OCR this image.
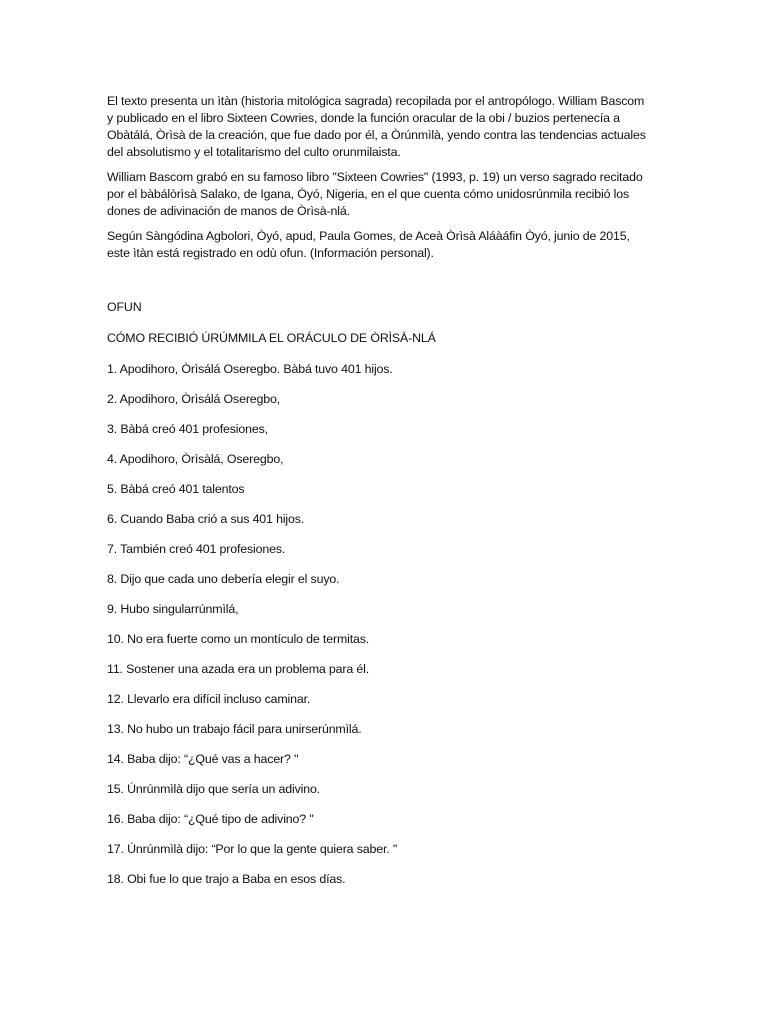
El texto presenta un ìtàn (historia mitológica sagrada) recopilada por el antropólogo. William Bascom y publicado en el libro Sixteen Cowries, donde la función oracular de la obi / buzios pertenecía a Obàtálá, Òrìsà de la creación, que fue dado por él, a Òrúnmìlà, yendo contra las tendencias actuales del absolutismo y el totalitarismo del culto orunmilaista.

William Bascom grabó en su famoso libro "Sixteen Cowries" (1993, p. 19) un verso sagrado recitado por el bàbálòrìsà Salako, de Igana, Òyó, Nigeria, en el que cuenta cómo unidosrúnmila recibió los dones de adivinación de manos de Òrìsà-nlá.

Según Sàngódina Agbolori, Òyó, apud, Paula Gomes, de Aceà Òrìsà Aláàáfin Òyó, junio de 2015, este ìtàn está registrado en odù ofun. (Información personal).

OFUN

CÓMO RECIBIÓ ÚRÚMMILA EL ORÁCULO DE ÒRÌSÀ-NLÁ

1. Apodihoro, Òrìsálá Oseregbo. Bàbá tuvo 401 hijos.
2. Apodihoro, Òrìsálá Oseregbo,
3. Bàbá creó 401 profesiones,
4. Apodihoro, Òrìsàlá, Oseregbo,
5. Bàbá creó 401 talentos
6. Cuando Baba crió a sus 401 hijos.
7. También creó 401 profesiones.
8. Dijo que cada uno debería elegir el suyo.
9. Hubo singularrúnmìlá,
10. No era fuerte como un montículo de termitas.
11. Sostener una azada era un problema para él.
12. Llevarlo era difícil incluso caminar.
13. No hubo un trabajo fácil para unirserúnmìlá.
14. Baba dijo: “¿Qué vas a hacer? "
15. Únrúnmìlà dijo que sería un adivino.
16. Baba dijo: “¿Qué tipo de adivino? "
17. Únrúnmìlà dijo: “Por lo que la gente quiera saber. "
18. Obi fue lo que trajo a Baba en esos días.
